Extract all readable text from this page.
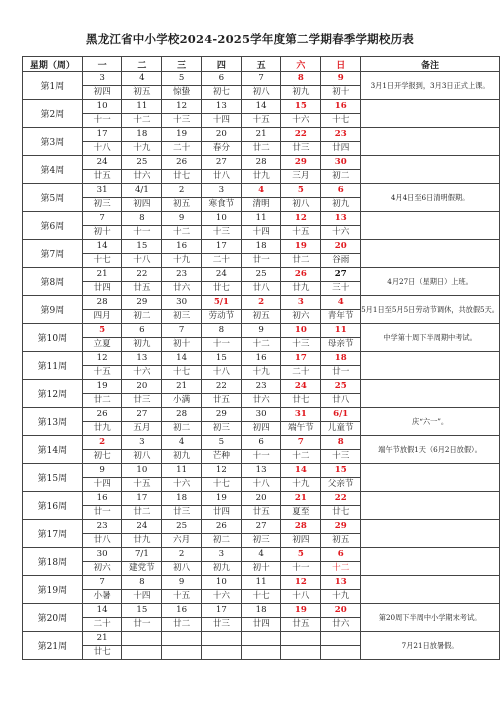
黑龙江省中小学校2024-2025学年度第二学期春季学期校历表
星期（周）	一	二	三	四	五	六	日	备注
第1周	3	4	5	6	7	8	9	3月1日开学报到，3月3日正式上课。
	初四	初五	惊蛰	初七	初八	初九	初十	
第2周	10	11	12	13	14	15	16	
	十一	十二	十三	十四	十五	十六	十七	
第3周	17	18	19	20	21	22	23	
	十八	十九	二十	春分	廿二	廿三	廿四	
第4周	24	25	26	27	28	29	30	
	廿五	廿六	廿七	廿八	廿九	三月	初二	
第5周	31	4/1	2	3	4	5	6	4月4日至6日清明假期。
	初三	初四	初五	寒食节	清明	初八	初九	
第6周	7	8	9	10	11	12	13	
	初十	十一	十二	十三	十四	十五	十六	
第7周	14	15	16	17	18	19	20	
	十七	十八	十九	二十	廿一	廿二	谷雨	
第8周	21	22	23	24	25	26	27	4月27日（星期日）上班。
	廿四	廿五	廿六	廿七	廿八	廿九	三十	
第9周	28	29	30	5/1	2	3	4	5月1日至5月5日劳动节调休，共放假5天。
	四月	初二	初三	劳动节	初五	初六	青年节	
第10周	5	6	7	8	9	10	11	中学第十周下半周期中考试。
	立夏	初九	初十	十一	十二	十三	母亲节	
第11周	12	13	14	15	16	17	18	
	十五	十六	十七	十八	十九	二十	廿一	
第12周	19	20	21	22	23	24	25	
	廿二	廿三	小满	廿五	廿六	廿七	廿八	
第13周	26	27	28	29	30	31	6/1	庆“六一”。
	廿九	五月	初二	初三	初四	端午节	儿童节	
第14周	2	3	4	5	6	7	8	端午节放假1天（6月2日放假）。
	初七	初八	初九	芒种	十一	十二	十三	
第15周	9	10	11	12	13	14	15	
	十四	十五	十六	十七	十八	十九	父亲节	
第16周	16	17	18	19	20	21	22	
	廿一	廿二	廿三	廿四	廿五	夏至	廿七	
第17周	23	24	25	26	27	28	29	
	廿八	廿九	六月	初二	初三	初四	初五	
第18周	30	7/1	2	3	4	5	6	
	初六	建党节	初八	初九	初十	十一	十二	
第19周	7	8	9	10	11	12	13	
	小暑	十四	十五	十六	十七	十八	十九	
第20周	14	15	16	17	18	19	20	第20周下半周中小学期末考试。
	二十	廿一	廿二	廿三	廿四	廿五	廿六	
第21周	21							7月21日放暑假。
	廿七							
